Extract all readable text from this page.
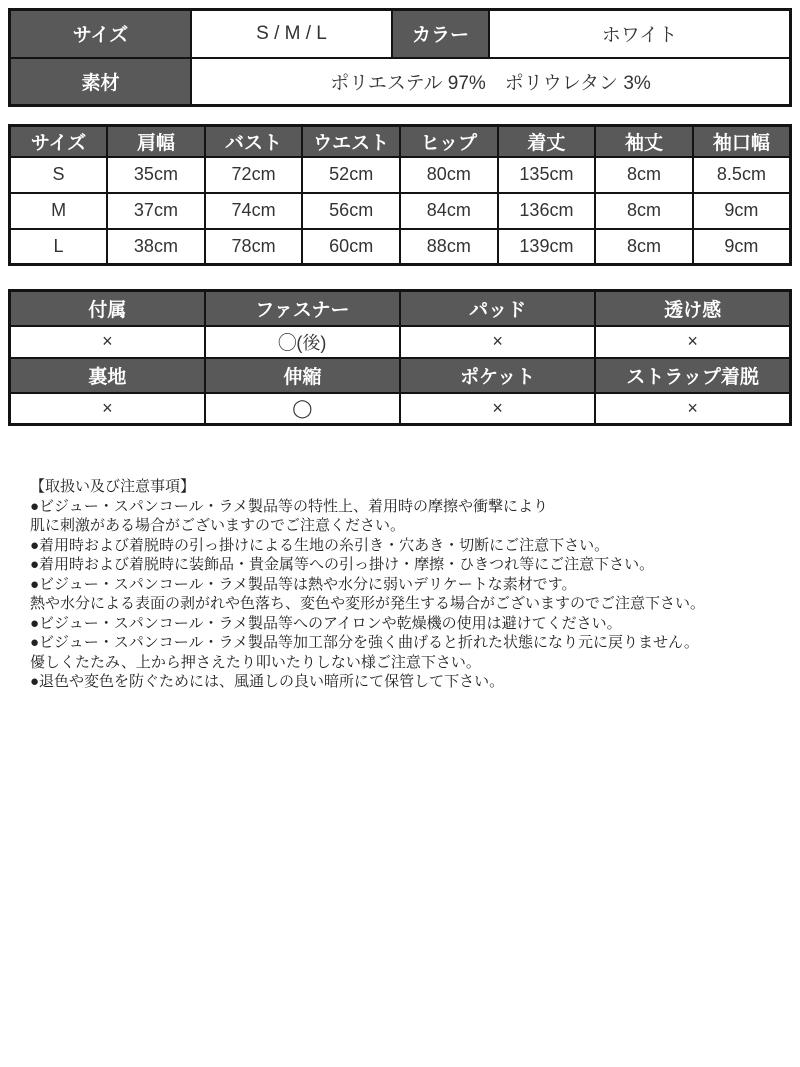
サイズ	S / M / L	カラー	ホワイト
素材	ポリエステル 97%　ポリウレタン 3%		
サイズ	肩幅	バスト	ウエスト	ヒップ	着丈	袖丈	袖口幅
S	35cm	72cm	52cm	80cm	135cm	8cm	8.5cm
M	37cm	74cm	56cm	84cm	136cm	8cm	9cm
L	38cm	78cm	60cm	88cm	139cm	8cm	9cm
付属	ファスナー	パッド	透け感
×	◯(後)	×	×
裏地	伸縮	ポケット	ストラップ着脱
×	◯	×	×
【取扱い及び注意事項】
●ビジュー・スパンコール・ラメ製品等の特性上、着用時の摩擦や衝撃により
肌に刺激がある場合がございますのでご注意ください。
●着用時および着脱時の引っ掛けによる生地の糸引き・穴あき・切断にご注意下さい。
●着用時および着脱時に装飾品・貴金属等への引っ掛け・摩擦・ひきつれ等にご注意下さい。
●ビジュー・スパンコール・ラメ製品等は熱や水分に弱いデリケートな素材です。
熱や水分による表面の剥がれや色落ち、変色や変形が発生する場合がございますのでご注意下さい。
●ビジュー・スパンコール・ラメ製品等へのアイロンや乾燥機の使用は避けてください。
●ビジュー・スパンコール・ラメ製品等加工部分を強く曲げると折れた状態になり元に戻りません。
優しくたたみ、上から押さえたり叩いたりしない様ご注意下さい。
●退色や変色を防ぐためには、風通しの良い暗所にて保管して下さい。
